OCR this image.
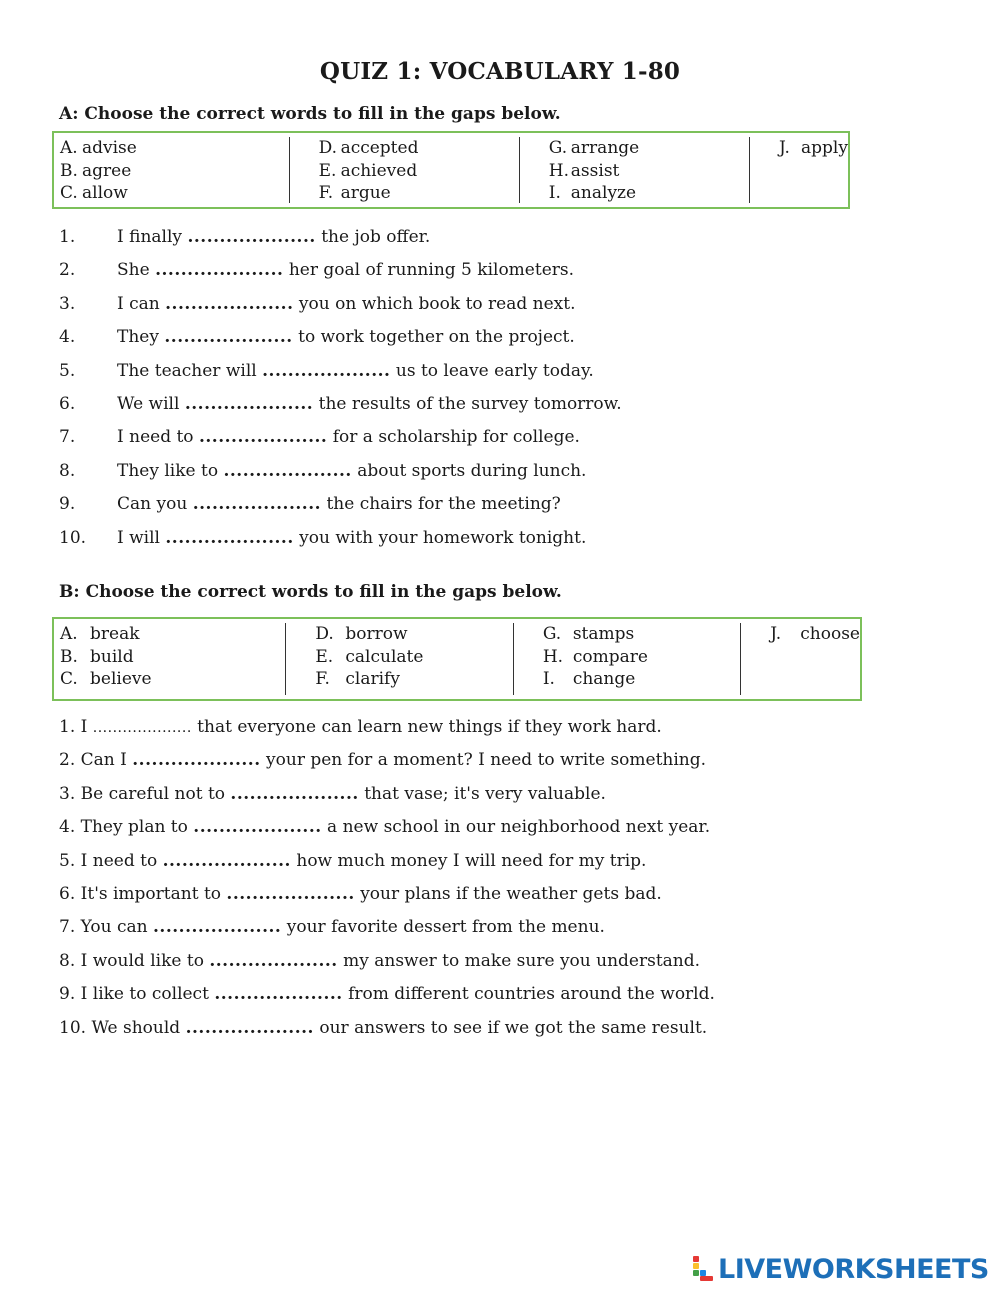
QUIZ 1: VOCABULARY 1-80
A: Choose the correct words to fill in the gaps below.
A. advise
B. agree
C. allow
D. accepted
E. achieved
F. argue
G. arrange
H. assist
I. analyze
J. apply
1. I finally .................... the job offer.
2. She .................... her goal of running 5 kilometers.
3. I can .................... you on which book to read next.
4. They .................... to work together on the project.
5. The teacher will .................... us to leave early today.
6. We will .................... the results of the survey tomorrow.
7. I need to .................... for a scholarship for college.
8. They like to .................... about sports during lunch.
9. Can you .................... the chairs for the meeting?
10. I will .................... you with your homework tonight.
B: Choose the correct words to fill in the gaps below.
A. break
B. build
C. believe
D. borrow
E. calculate
F. clarify
G. stamps
H. compare
I. change
J. choose
1. I .................... that everyone can learn new things if they work hard.
2. Can I .................... your pen for a moment? I need to write something.
3. Be careful not to .................... that vase; it's very valuable.
4. They plan to .................... a new school in our neighborhood next year.
5. I need to .................... how much money I will need for my trip.
6. It's important to .................... your plans if the weather gets bad.
7. You can .................... your favorite dessert from the menu.
8. I would like to .................... my answer to make sure you understand.
9. I like to collect .................... from different countries around the world.
10. We should .................... our answers to see if we got the same result.
LIVEWORKSHEETS
